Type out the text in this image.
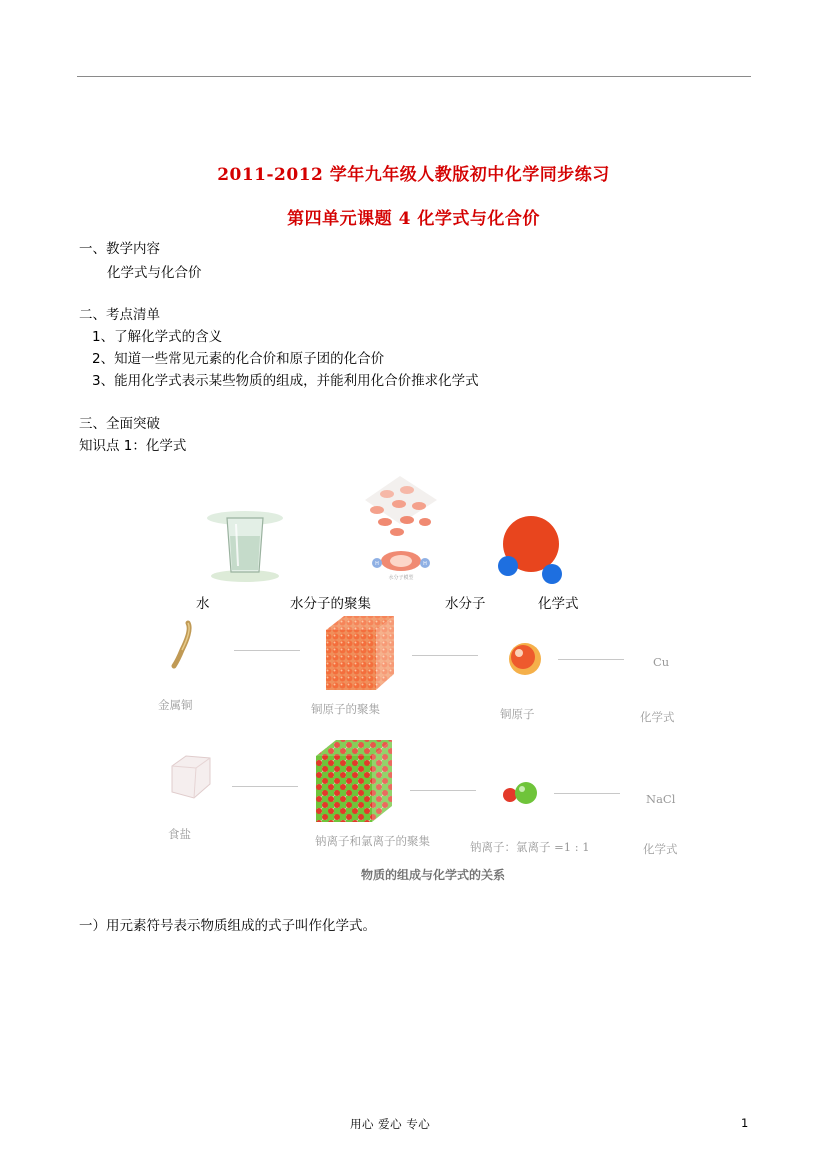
2011-2012 学年九年级人教版初中化学同步练习
第四单元课题 4 化学式与化合价
一、教学内容
化学式与化合价
二、考点清单
1、了解化学式的含义
2、知道一些常见元素的化合价和原子团的化合价
3、能用化学式表示某些物质的组成，并能利用化合价推求化学式
三、全面突破
知识点 1：化学式
H	H
水分子模型
水	水分子的聚集	水分子	化学式
Cu
金属铜	铜原子的聚集	铜原子	化学式
NaCl
食盐	钠离子和氯离子的聚集	钠离子：氯离子 =1 : 1	化学式
物质的组成与化学式的关系
一）用元素符号表示物质组成的式子叫作化学式。
用心 爱心 专心	1
